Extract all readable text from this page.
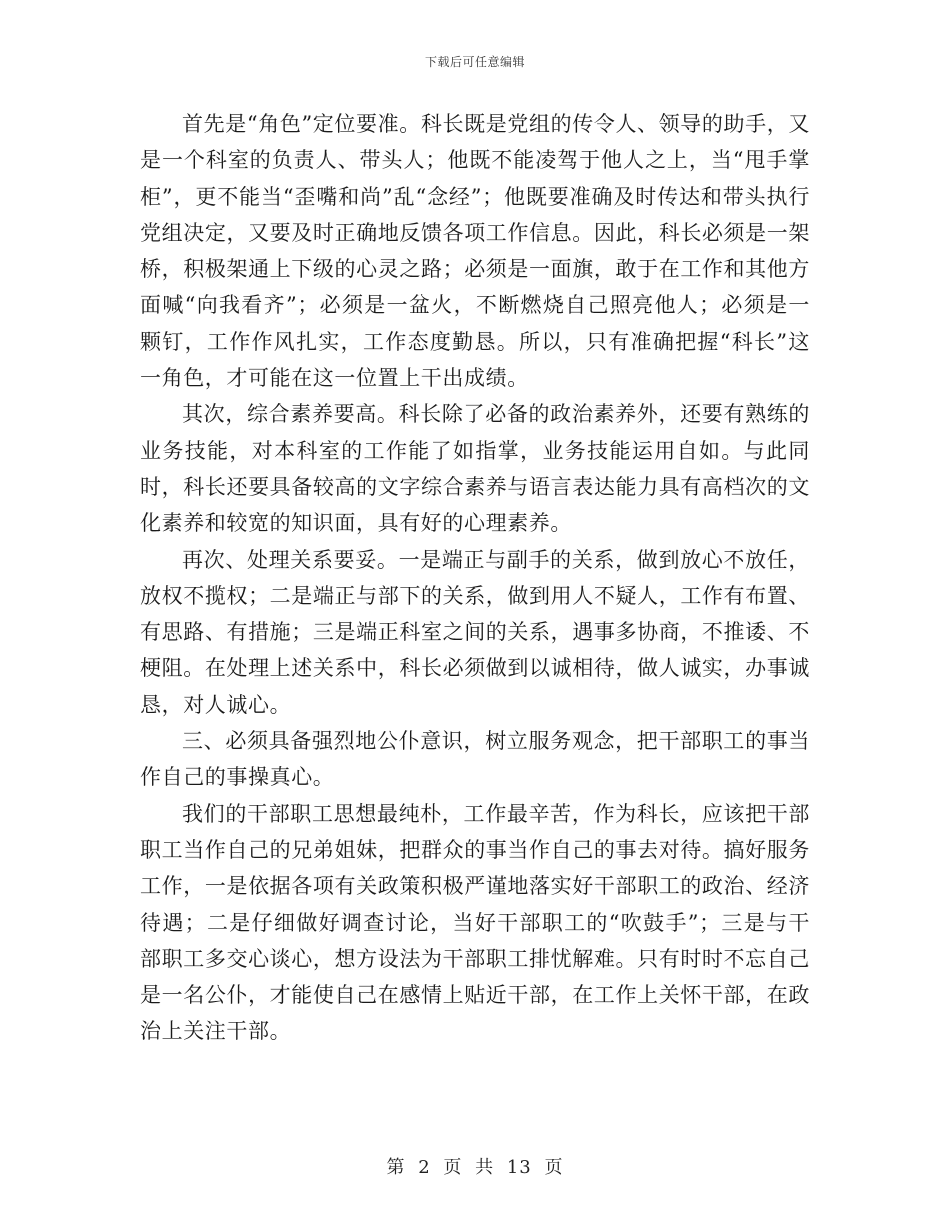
下载后可任意编辑

首先是“角色”定位要准。科长既是党组的传令人、领导的助手，又是一个科室的负责人、带头人；他既不能凌驾于他人之上，当“甩手掌柜”，更不能当“歪嘴和尚”乱“念经”；他既要准确及时传达和带头执行党组决定，又要及时正确地反馈各项工作信息。因此，科长必须是一架桥，积极架通上下级的心灵之路；必须是一面旗，敢于在工作和其他方面喊“向我看齐”；必须是一盆火，不断燃烧自己照亮他人；必须是一颗钉，工作作风扎实，工作态度勤恳。所以，只有准确把握“科长”这一角色，才可能在这一位置上干出成绩。

其次，综合素养要高。科长除了必备的政治素养外，还要有熟练的业务技能，对本科室的工作能了如指掌，业务技能运用自如。与此同时，科长还要具备较高的文字综合素养与语言表达能力具有高档次的文化素养和较宽的知识面，具有好的心理素养。

再次、处理关系要妥。一是端正与副手的关系，做到放心不放任，放权不揽权；二是端正与部下的关系，做到用人不疑人，工作有布置、有思路、有措施；三是端正科室之间的关系，遇事多协商，不推诿、不梗阻。在处理上述关系中，科长必须做到以诚相待，做人诚实，办事诚恳，对人诚心。

三、必须具备强烈地公仆意识，树立服务观念，把干部职工的事当作自己的事操真心。

我们的干部职工思想最纯朴，工作最辛苦，作为科长，应该把干部职工当作自己的兄弟姐妹，把群众的事当作自己的事去对待。搞好服务工作，一是依据各项有关政策积极严谨地落实好干部职工的政治、经济待遇；二是仔细做好调查讨论，当好干部职工的“吹鼓手”；三是与干部职工多交心谈心，想方设法为干部职工排忧解难。只有时时不忘自己是一名公仆，才能使自己在感情上贴近干部，在工作上关怀干部，在政治上关注干部。

第 2 页 共 13 页
